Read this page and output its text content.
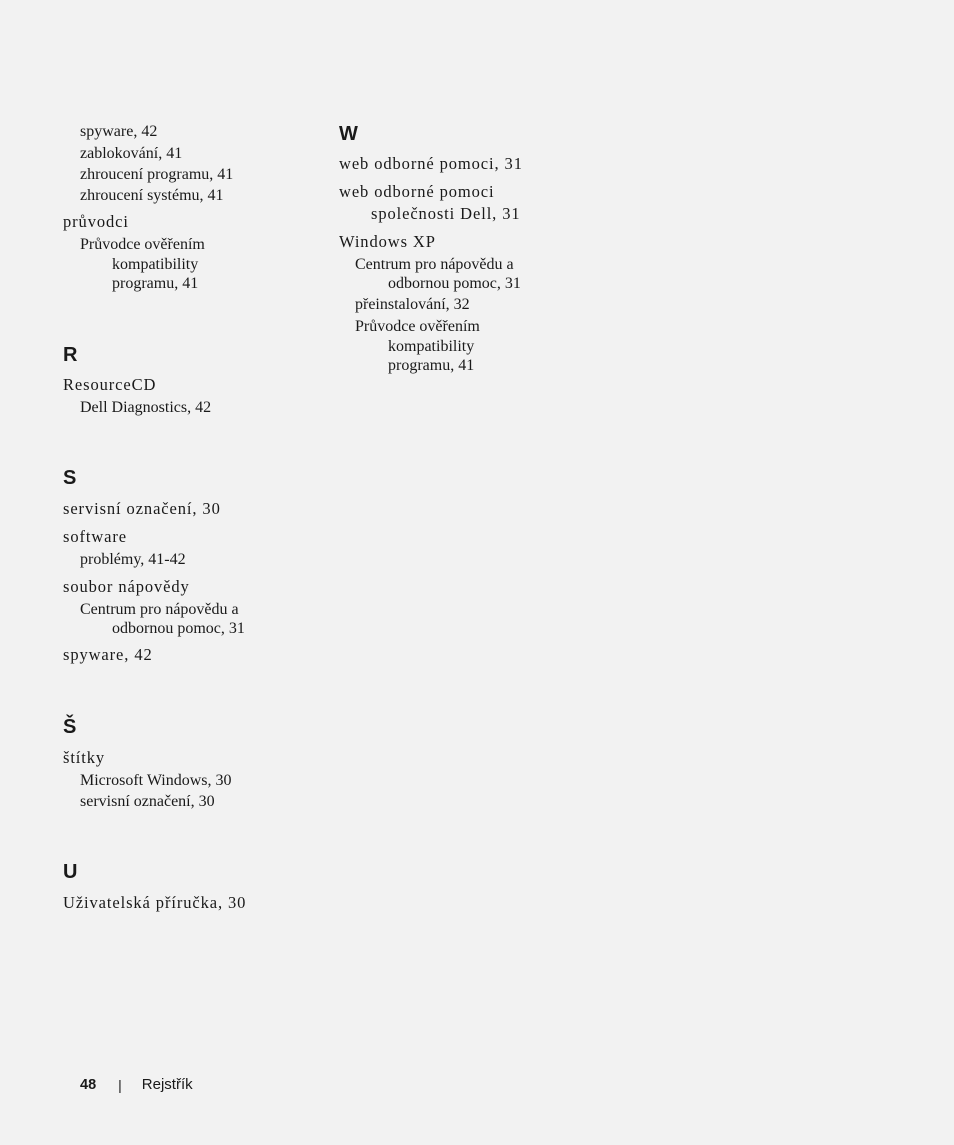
spyware, 42
zablokování, 41
zhroucení programu, 41
zhroucení systému, 41
průvodci
Průvodce ověřením
kompatibility
programu, 41
R
ResourceCD
Dell Diagnostics, 42
S
servisní označení, 30
software
problémy, 41-42
soubor nápovědy
Centrum pro nápovědu a
odbornou pomoc, 31
spyware, 42
Š
štítky
Microsoft Windows, 30
servisní označení, 30
U
Uživatelská příručka, 30
W
web odborné pomoci, 31
web odborné pomoci
společnosti Dell, 31
Windows XP
Centrum pro nápovědu a
odbornou pomoc, 31
přeinstalování, 32
Průvodce ověřením
kompatibility
programu, 41
48 | Rejstřík
